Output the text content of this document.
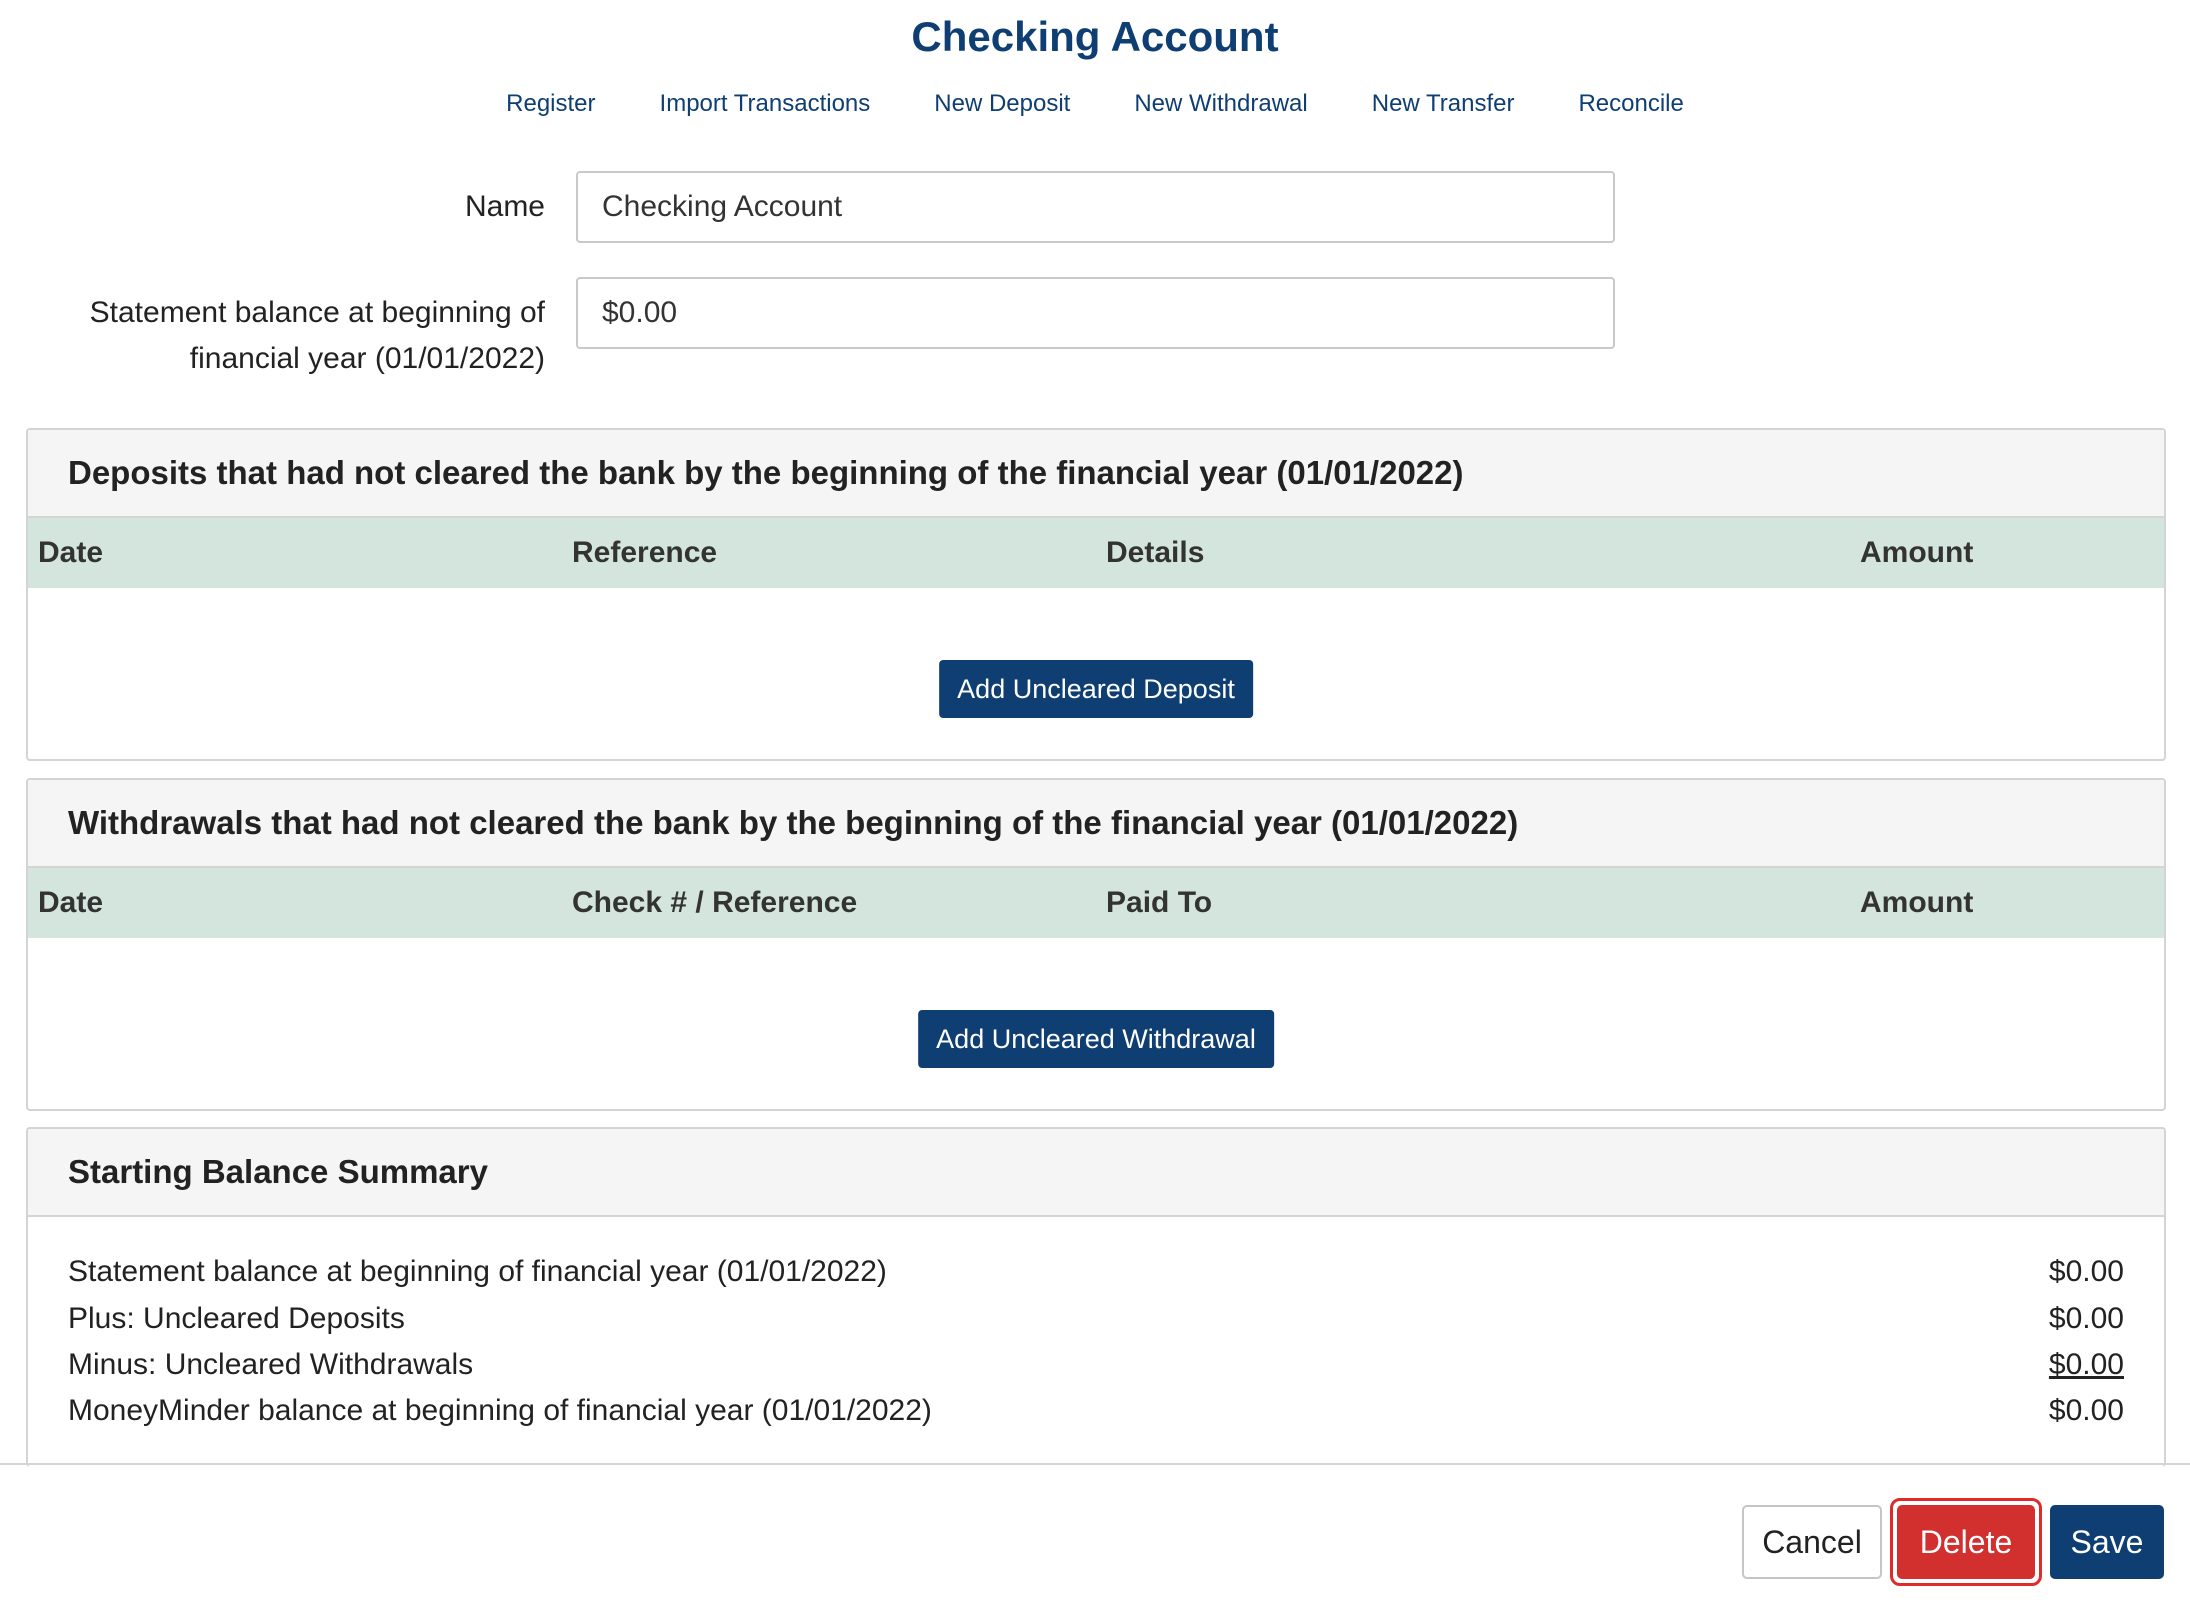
Checking Account
Register	Import Transactions	New Deposit	New Withdrawal	New Transfer	Reconcile
Name
Checking Account
Statement balance at beginning of
financial year (01/01/2022)
$0.00
Deposits that had not cleared the bank by the beginning of the financial year (01/01/2022)
Date	Reference	Details	Amount
Add Uncleared Deposit
Withdrawals that had not cleared the bank by the beginning of the financial year (01/01/2022)
Date	Check # / Reference	Paid To	Amount
Add Uncleared Withdrawal
Starting Balance Summary
Statement balance at beginning of financial year (01/01/2022)	$0.00
Plus: Uncleared Deposits	$0.00
Minus: Uncleared Withdrawals	$0.00
MoneyMinder balance at beginning of financial year (01/01/2022)	$0.00
Cancel	Delete	Save
